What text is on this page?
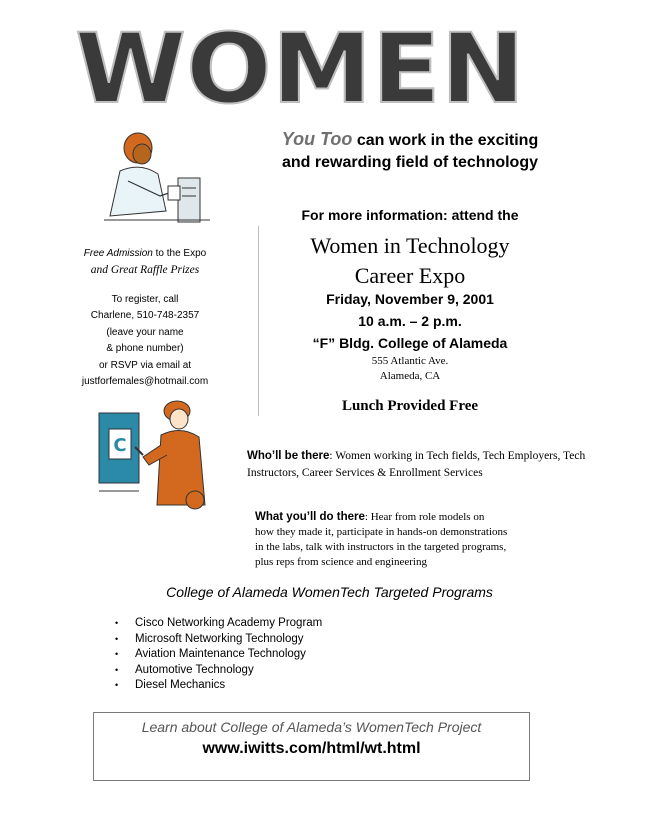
WOMEN
You Too can work in the exciting
and rewarding field of technology
For more information: attend the
Women in Technology
Career Expo
Friday, November 9, 2001
10 a.m. – 2 p.m.
“F” Bldg. College of Alameda
555 Atlantic Ave.
Alameda, CA
Lunch Provided Free
Free Admission to the Expo
and Great Raffle Prizes
To register, call
Charlene, 510-748-2357
(leave your name
& phone number)
or RSVP via email at
justforfemales@hotmail.com
C	Who’ll be there: Women working in Tech fields, Tech Employers, Tech Instructors, Career Services & Enrollment Services
What you’ll do there: Hear from role models on
how they made it, participate in hands-on demonstrations
in the labs, talk with instructors in the targeted programs,
plus reps from science and engineering
College of Alameda WomenTech Targeted Programs
• Cisco Networking Academy Program
• Microsoft Networking Technology
• Aviation Maintenance Technology
• Automotive Technology
• Diesel Mechanics
Learn about College of Alameda’s WomenTech Project
www.iwitts.com/html/wt.html
